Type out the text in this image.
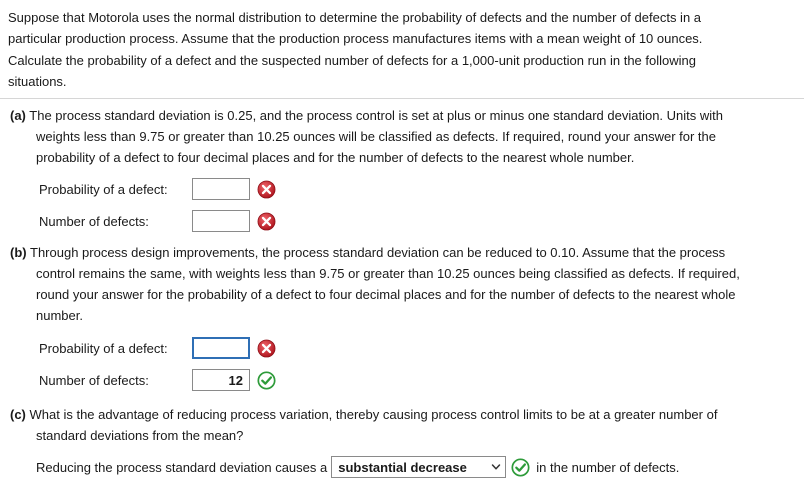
Suppose that Motorola uses the normal distribution to determine the probability of defects and the number of defects in a
particular production process. Assume that the production process manufactures items with a mean weight of 10 ounces.
Calculate the probability of a defect and the suspected number of defects for a 1,000-unit production run in the following
situations.
(a) The process standard deviation is 0.25, and the process control is set at plus or minus one standard deviation. Units with
weights less than 9.75 or greater than 10.25 ounces will be classified as defects. If required, round your answer for the
probability of a defect to four decimal places and for the number of defects to the nearest whole number.
Probability of a defect:
Number of defects:
(b) Through process design improvements, the process standard deviation can be reduced to 0.10. Assume that the process
control remains the same, with weights less than 9.75 or greater than 10.25 ounces being classified as defects. If required,
round your answer for the probability of a defect to four decimal places and for the number of defects to the nearest whole
number.
Probability of a defect:
Number of defects:
12
(c) What is the advantage of reducing process variation, thereby causing process control limits to be at a greater number of
standard deviations from the mean?
Reducing the process standard deviation causes a substantial decrease	in the number of defects.
